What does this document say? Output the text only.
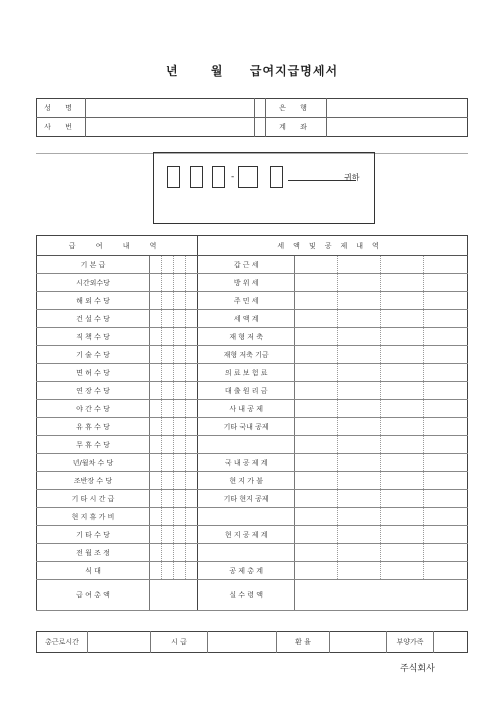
년	월 급여지급명세서
성 명			은 행	
사 번			계 좌	
-	귀하
급 여 내 역					세액및공제내역				
기 본 급					갑 근 세				
시간외수당					방 위 세				
해 외 수 당					주 민 세				
건 설 수 당					세 액 계				
직 책 수 당					재 형 저 축				
기 술 수 당					재형 저축 기금				
면 허 수 당					의 료 보 험 료				
연 장 수 당					대 출 원 리 금				
야 간 수 당					사 내 공 제				
유 휴 수 당					기타 국내 공제				
무 휴 수 당									
년/월차 수 당					국 내 공 제 계				
조반장 수 당					현 지 가 불				
기 타 시 간 급					기타 현지 공제				
현 지 휴 가 비									
기 타 수 당					현 지 공 제 계				
전 월 조 정									
식 대					공 제 총 계				
급 여 총 액					실 수 령 액				
총근로시간		시 급		환 율		부양가족	
주식회사
